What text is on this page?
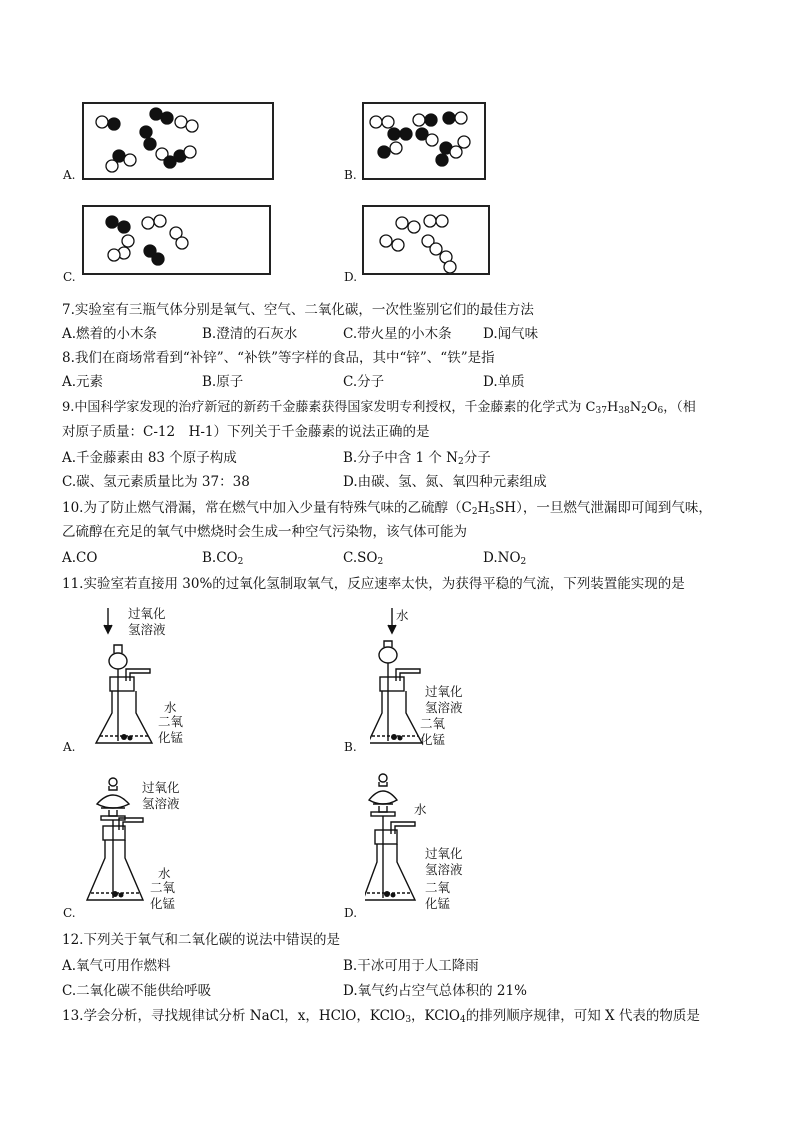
A.	B.
C.	D.
7.实验室有三瓶气体分别是氧气、空气、二氧化碳，一次性鉴别它们的最佳方法
A.燃着的小木条	B.澄清的石灰水	C.带火星的小木条 D.闻气味
8.我们在商场常看到“补锌”、“补铁”等字样的食品，其中“锌”、“铁”是指
A.元素	B.原子	C.分子	D.单质
9.中国科学家发现的治疗新冠的新药千金藤素获得国家发明专利授权，千金藤素的化学式为 $C_{37}H_{38}N_2O_6$，（相
对原子质量：C-12　H-1）下列关于千金藤素的说法正确的是
A.千金藤素由 83 个原子构成	B.分子中含 1 个 $N_2$分子
C.碳、氢元素质量比为 37：38	D.由碳、氢、氮、氧四种元素组成
10.为了防止燃气滑漏，常在燃气中加入少量有特殊气味的乙硫醇$(C_2H_5SH)$，一旦燃气泄漏即可闻到气味，
乙硫醇在充足的氧气中燃烧时会生成一种空气污染物，该气体可能为
A.CO	$B.CO_2$	$C.SO_2$	$D.NO_2$
11.实验室若直接用 30%的过氧化氢制取氧气，反应速率太快，为获得平稳的气流，下列装置能实现的是
过氧化
氢溶液
水
二氧
化锰
A.
水
过氧化
氢溶液
二氧
化锰
B.
过氧化
氢溶液
水
二氧
化锰
C.
水
过氧化
氢溶液
二氧
化锰
D.
12.下列关于氧气和二氧化碳的说法中错误的是
A.氧气可用作燃料	B.干冰可用于人工降雨
C.二氧化碳不能供给呼吸	D.氧气约占空气总体积的 21%
13.学会分析，寻找规律试分析 NaCl，x，HClO，KClO$_3$，KClO$_4$的排列顺序规律，可知 X 代表的物质是
